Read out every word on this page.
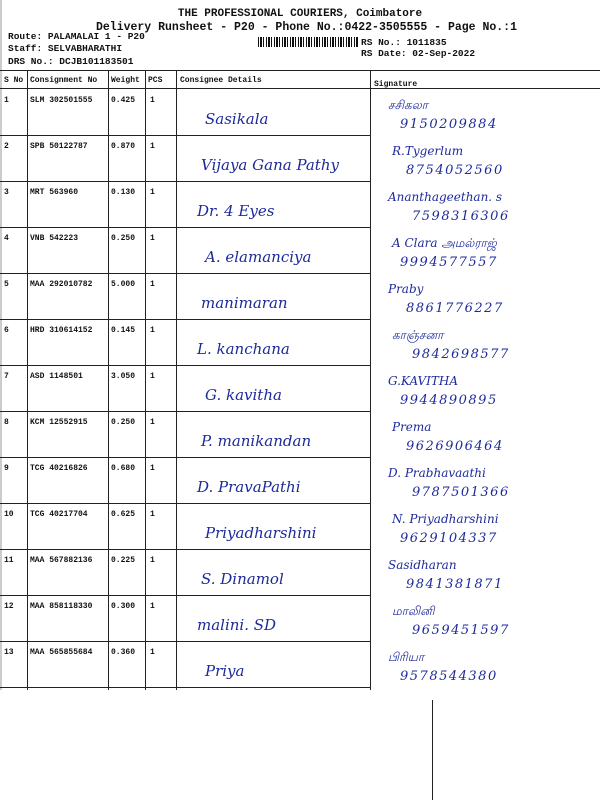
THE PROFESSIONAL COURIERS, Coimbatore
Delivery Runsheet - P20 - Phone No.:0422-3505555 - Page No.:1
Route: PALAMALAI 1 - P20
Staff: SELVABHARATHI
DRS No.: DCJB101183501
RS No.: 1011835
RS Date: 02-Sep-2022
S No Consignment No Weight PCS Consignee Details	Signature
1	SLM 302501555 0.425 1
Sasikala
சசிகலா
9150209884
2	SPB 50122787	0.870 1
Vijaya Gana Pathy
R.Tygerlum
8754052560
3	MRT 563960	0.130 1
Dr. 4 Eyes
Ananthageethan. s
7598316306
4	VNB 542223	0.250 1
A. elamanciya
A Clara அமல்ராஜ்
9994577557
5	MAA 292010782 5.000 1
manimaran
Praby
8861776227
6	HRD 310614152 0.145 1
L. kanchana
காஞ்சனா
9842698577
7	ASD 1148501	3.050 1
G. kavitha
G.KAVITHA
9944890895
8	KCM 12552915	0.250 1
P. manikandan
Prema
9626906464
9	TCG 40216826	0.680 1
D. PravaPathi
D. Prabhavaathi
9787501366
10 TCG 40217704	0.625 1
Priyadharshini
N. Priyadharshini
9629104337
11 MAA 567882136 0.225 1
S. Dinamol
Sasidharan
9841381871
12 MAA 858118330 0.300 1
malini. SD
மாலினி
9659451597
13 MAA 565855684 0.360 1
Priya
பிரியா
9578544380
